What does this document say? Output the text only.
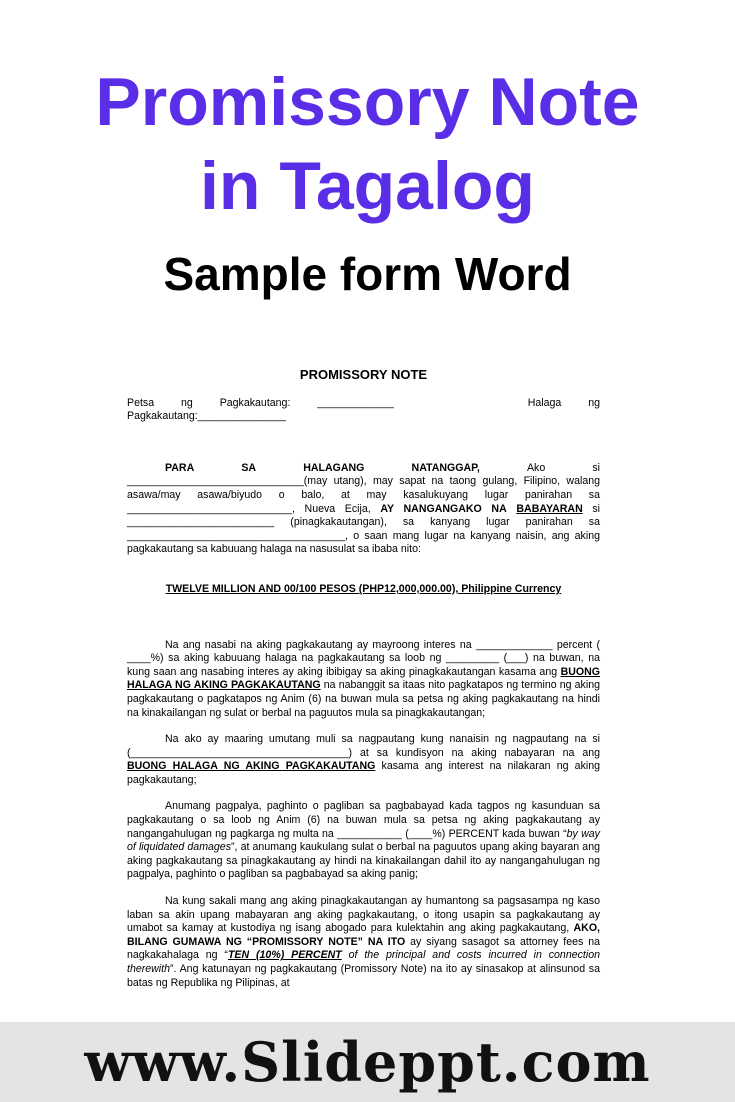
Promissory Note
in Tagalog
Sample form Word
PROMISSORY NOTE
Petsa	ng	Pagkakautang:	_____________	Halaga	ng
Pagkakautang:_______________
PARA	SA	HALAGANG	NATANGGAP,	Ako	si

______________________________(may utang), may sapat na taong gulang, Filipino, walang asawa/may asawa/biyudo o balo, at may kasalukuyang lugar panirahan sa ____________________________, Nueva Ecija, AY NANGANGAKO NA BABAYARAN si _________________________ (pinagkakautangan), sa kanyang lugar panirahan sa _____________________________________, o saan mang lugar na kanyang naisin, ang aking pagkakautang sa kabuuang halaga na nasusulat sa ibaba nito:

TWELVE MILLION AND 00/100 PESOS (PHP12,000,000.00), Philippine Currency

Na ang nasabi na aking pagkakautang ay mayroong interes na _____________ percent ( ____%) sa aking kabuuang halaga na pagkakautang sa loob ng _________ (___) na buwan, na kung saan ang nasabing interes ay aking ibibigay sa aking pinagkakautangan kasama ang BUONG HALAGA NG AKING PAGKAKAUTANG na nabanggit sa itaas nito pagkatapos ng termino ng aking pagkakautang o pagkatapos ng Anim (6) na buwan mula sa petsa ng aking pagkakautang na hindi na kinakailangan ng sulat or berbal na paguutos mula sa pinagkakautangan;

Na ako ay maaring umutang muli sa nagpautang kung nanaisin ng nagpautang na si (_____________________________________) at sa kundisyon na aking nabayaran na ang BUONG HALAGA NG AKING PAGKAKAUTANG kasama ang interest na nilakaran ng aking pagkakautang;

Anumang pagpalya, paghinto o pagliban sa pagbabayad kada tagpos ng kasunduan sa pagkakautang o sa loob ng Anim (6) na buwan mula sa petsa ng aking pagkakautang ay nangangahulugan ng pagkarga ng multa na ___________ (____%) PERCENT kada buwan “by way of liquidated damages”, at anumang kaukulang sulat o berbal na paguutos upang aking bayaran ang aking pagkakautang sa pinagkakautang ay hindi na kinakailangan dahil ito ay nangangahulugan ng pagpalya, paghinto o pagliban sa pagbabayad sa aking panig;

Na kung sakali mang ang aking pinagkakautangan ay humantong sa pagsasampa ng kaso laban sa akin upang mabayaran ang aking pagkakautang, o itong usapin sa pagkakautang ay umabot sa kamay at kustodiya ng isang abogado para kulektahin ang aking pagkakautang, AKO, BILANG GUMAWA NG “PROMISSORY NOTE” NA ITO ay siyang sasagot sa attorney fees na nagkakahalaga ng “TEN (10%) PERCENT of the principal and costs incurred in connection therewith”. Ang katunayan ng pagkakautang (Promissory Note) na ito ay sinasakop at alinsunod sa batas ng Republika ng Pilipinas, at

www.Slideppt.com
